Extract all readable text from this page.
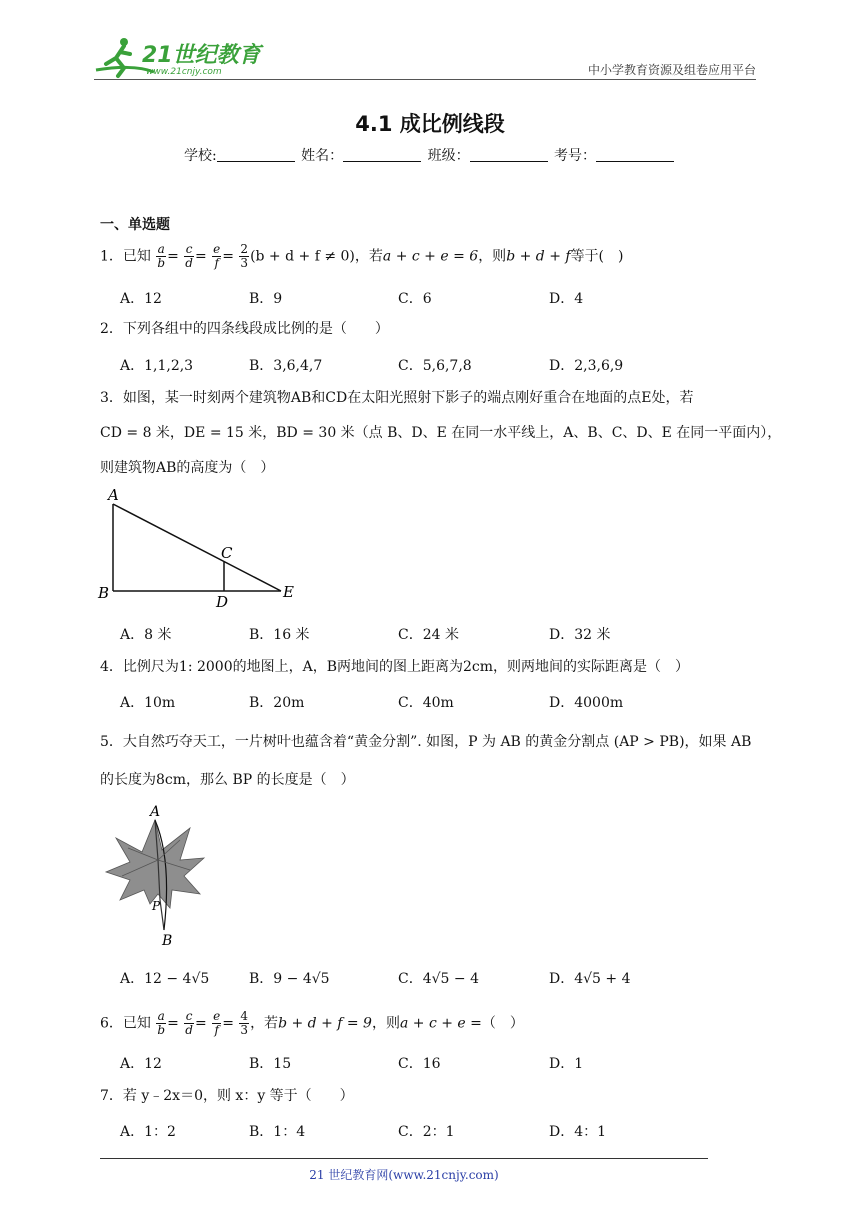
21世纪教育
www.21cnjy.com	中小学教育资源及组卷应用平台
4.1 成比例线段
学校:	姓名：	班级：	考号：
一、单选题
1．已知 $\frac{a}{b} = \frac{c}{d} = \frac{e}{f} = \frac{2}{3} (b + d + f \ne 0)$，若a + c + e = 6，则b + d + f等于(　)
A．12	B．9	C．6	D．4
2．下列各组中的四条线段成比例的是（　　）
A．1,1,2,3	B．3,6,4,7	C．5,6,7,8	D．2,3,6,9
3．如图，某一时刻两个建筑物AB和CD在太阳光照射下影子的端点刚好重合在地面的点E处，若
CD = 8 米，DE = 15 米，BD = 30 米（点 B、D、E 在同一水平线上，A、B、C、D、E 在同一平面内），
则建筑物AB的高度为（　）
A
B
C
D
E
A．8 米	B．16 米	C．24 米	D．32 米
4．比例尺为1: 2000的地图上，A，B两地间的图上距离为2cm，则两地间的实际距离是（　）
A．10m	B．20m	C．40m	D．4000m
5．大自然巧夺天工，一片树叶也蕴含着“黄金分割”. 如图，P 为 AB 的黄金分割点 (AP > PB)，如果 AB
的长度为8cm，那么 BP 的长度是（　）
A
P
B
A．12 − 4√5	B．9 − 4√5	C．4√5 − 4	D．4√5 + 4
6．已知 $\frac{a}{b} = \frac{c}{d} = \frac{e}{f} = \frac{4}{3}$ ，若b + d + f = 9，则a + c + e =（　）
A．12	B．15	C．16	D．1
7．若 y﹣2x＝0，则 x：y 等于（　　）
A．1：2	B．1：4	C．2：1	D．4：1
21 世纪教育网(www.21cnjy.com)
